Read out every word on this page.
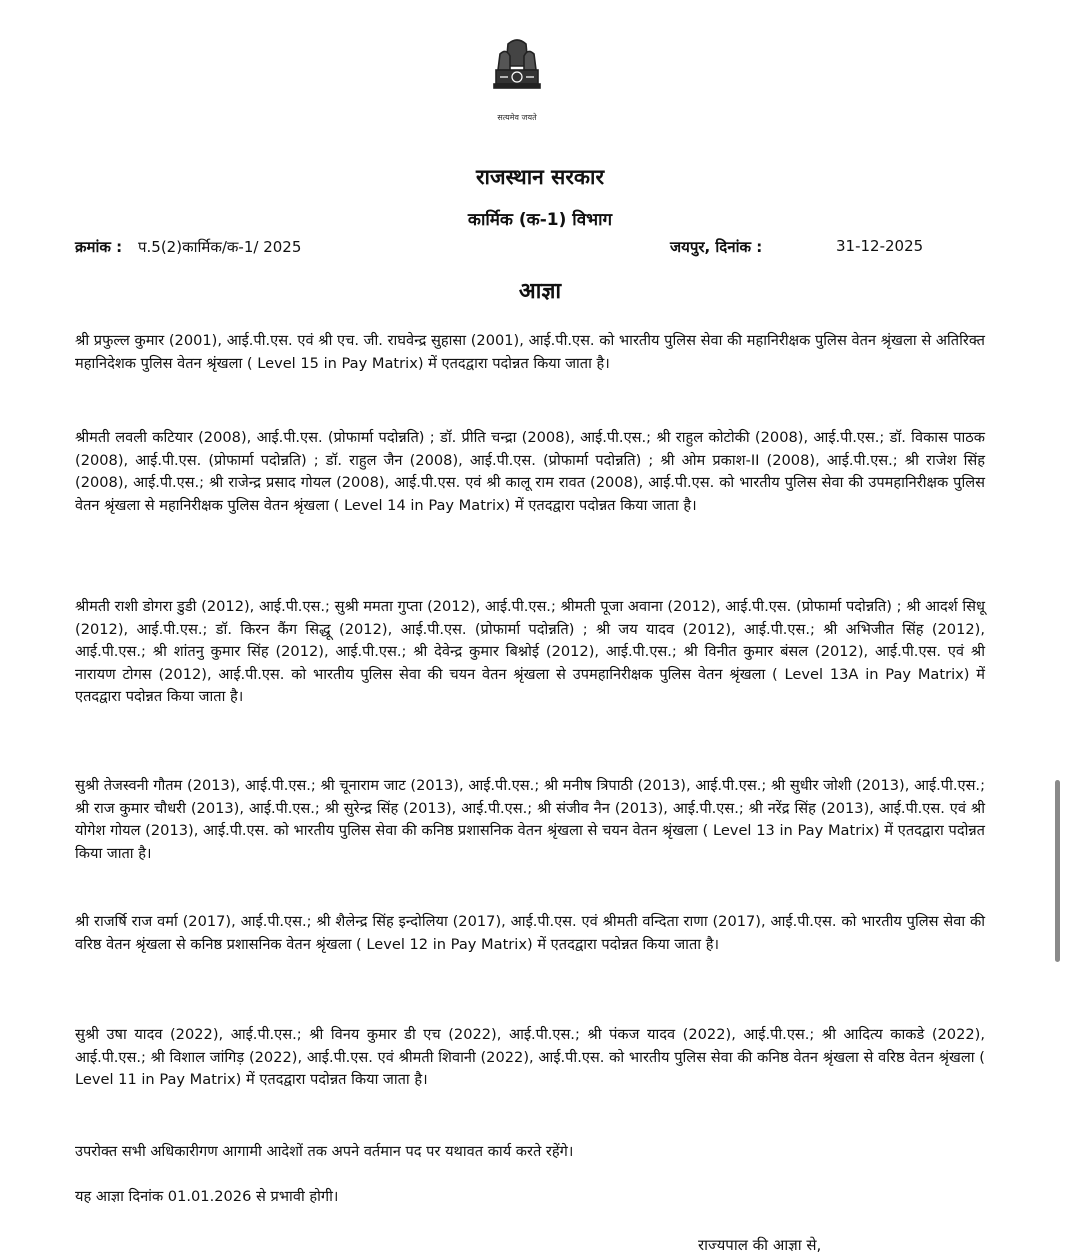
सत्यमेव जयते
राजस्थान सरकार
कार्मिक (क-1) विभाग
क्रमांक : प.5(2)कार्मिक/क-1/ 2025	जयपुर, दिनांक :	31-12-2025
आज्ञा
श्री प्रफुल्ल कुमार (2001), आई.पी.एस. एवं श्री एच. जी. राघवेन्द्र सुहासा (2001), आई.पी.एस. को भारतीय पुलिस सेवा की महानिरीक्षक पुलिस वेतन श्रृंखला से अतिरिक्त महानिदेशक पुलिस वेतन श्रृंखला ( Level 15 in Pay Matrix) में एतदद्वारा पदोन्नत किया जाता है।
श्रीमती लवली कटियार (2008), आई.पी.एस. (प्रोफार्मा पदोन्नति) ; डॉ. प्रीति चन्द्रा (2008), आई.पी.एस.; श्री राहुल कोटोकी (2008), आई.पी.एस.; डॉ. विकास पाठक (2008), आई.पी.एस. (प्रोफार्मा पदोन्नति) ; डॉ. राहुल जैन (2008), आई.पी.एस. (प्रोफार्मा पदोन्नति) ; श्री ओम प्रकाश-II (2008), आई.पी.एस.; श्री राजेश सिंह (2008), आई.पी.एस.; श्री राजेन्द्र प्रसाद गोयल (2008), आई.पी.एस. एवं श्री कालू राम रावत (2008), आई.पी.एस. को भारतीय पुलिस सेवा की उपमहानिरीक्षक पुलिस वेतन श्रृंखला से महानिरीक्षक पुलिस वेतन श्रृंखला ( Level 14 in Pay Matrix) में एतदद्वारा पदोन्नत किया जाता है।
श्रीमती राशी डोगरा डुडी (2012), आई.पी.एस.; सुश्री ममता गुप्ता (2012), आई.पी.एस.; श्रीमती पूजा अवाना (2012), आई.पी.एस. (प्रोफार्मा पदोन्नति) ; श्री आदर्श सिधू (2012), आई.पी.एस.; डॉ. किरन कैंग सिद्धू (2012), आई.पी.एस. (प्रोफार्मा पदोन्नति) ; श्री जय यादव (2012), आई.पी.एस.; श्री अभिजीत सिंह (2012), आई.पी.एस.; श्री शांतनु कुमार सिंह (2012), आई.पी.एस.; श्री देवेन्द्र कुमार बिश्नोई (2012), आई.पी.एस.; श्री विनीत कुमार बंसल (2012), आई.पी.एस. एवं श्री नारायण टोगस (2012), आई.पी.एस. को भारतीय पुलिस सेवा की चयन वेतन श्रृंखला से उपमहानिरीक्षक पुलिस वेतन श्रृंखला ( Level 13A in Pay Matrix) में एतदद्वारा पदोन्नत किया जाता है।
सुश्री तेजस्वनी गौतम (2013), आई.पी.एस.; श्री चूनाराम जाट (2013), आई.पी.एस.; श्री मनीष त्रिपाठी (2013), आई.पी.एस.; श्री सुधीर जोशी (2013), आई.पी.एस.; श्री राज कुमार चौधरी (2013), आई.पी.एस.; श्री सुरेन्द्र सिंह (2013), आई.पी.एस.; श्री संजीव नैन (2013), आई.पी.एस.; श्री नरेंद्र सिंह (2013), आई.पी.एस. एवं श्री योगेश गोयल (2013), आई.पी.एस. को भारतीय पुलिस सेवा की कनिष्ठ प्रशासनिक वेतन श्रृंखला से चयन वेतन श्रृंखला ( Level 13 in Pay Matrix) में एतदद्वारा पदोन्नत किया जाता है।
श्री राजर्षि राज वर्मा (2017), आई.पी.एस.; श्री शैलेन्द्र सिंह इन्दोलिया (2017), आई.पी.एस. एवं श्रीमती वन्दिता राणा (2017), आई.पी.एस. को भारतीय पुलिस सेवा की वरिष्ठ वेतन श्रृंखला से कनिष्ठ प्रशासनिक वेतन श्रृंखला ( Level 12 in Pay Matrix) में एतदद्वारा पदोन्नत किया जाता है।
सुश्री उषा यादव (2022), आई.पी.एस.; श्री विनय कुमार डी एच (2022), आई.पी.एस.; श्री पंकज यादव (2022), आई.पी.एस.; श्री आदित्य काकडे (2022), आई.पी.एस.; श्री विशाल जांगिड़ (2022), आई.पी.एस. एवं श्रीमती शिवानी (2022), आई.पी.एस. को भारतीय पुलिस सेवा की कनिष्ठ वेतन श्रृंखला से वरिष्ठ वेतन श्रृंखला ( Level 11 in Pay Matrix) में एतदद्वारा पदोन्नत किया जाता है।
उपरोक्त सभी अधिकारीगण आगामी आदेशों तक अपने वर्तमान पद पर यथावत कार्य करते रहेंगे।
यह आज्ञा दिनांक 01.01.2026 से प्रभावी होगी।
राज्यपाल की आज्ञा से,
